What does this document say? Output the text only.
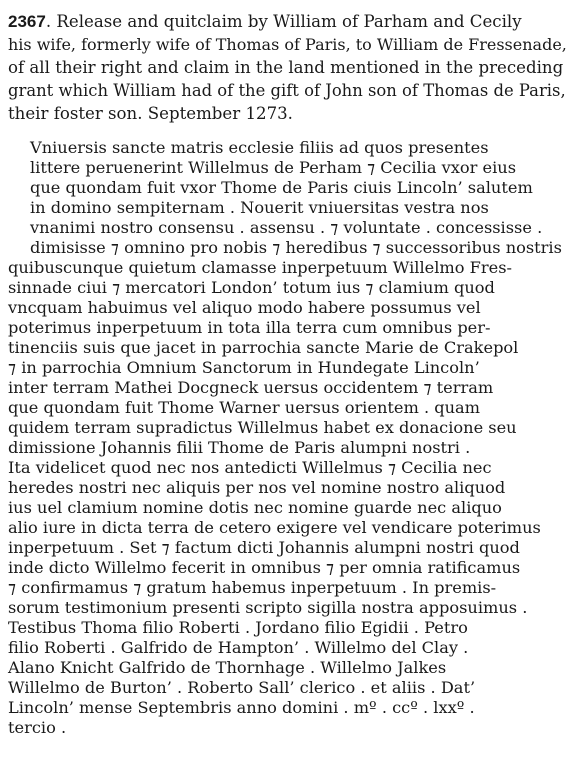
2367. Release and quitclaim by William of Parham and Cecily
his wife, formerly wife of Thomas of Paris, to William de Fressenade,
of all their right and claim in the land mentioned in the preceding
grant which William had of the gift of John son of Thomas de Paris,
their foster son. September 1273.
Vniuersis sancte matris ecclesie filiis ad quos presentes
littere peruenerint Willelmus de Perham ⁊ Cecilia vxor eius
que quondam fuit vxor Thome de Paris ciuis Lincoln’ salutem
in domino sempiternam . Nouerit vniuersitas vestra nos
vnanimi nostro consensu . assensu . ⁊ voluntate . concessisse .
dimisisse ⁊ omnino pro nobis ⁊ heredibus ⁊ successoribus nostris
quibuscunque quietum clamasse inperpetuum Willelmo Fres-
sinnade ciui ⁊ mercatori London’ totum ius ⁊ clamium quod
vncquam habuimus vel aliquo modo habere possumus vel
poterimus inperpetuum in tota illa terra cum omnibus per-
tinenciis suis que jacet in parrochia sancte Marie de Crakepol
⁊ in parrochia Omnium Sanctorum in Hundegate Lincoln’
inter terram Mathei Docgneck uersus occidentem ⁊ terram
que quondam fuit Thome Warner uersus orientem . quam
quidem terram supradictus Willelmus habet ex donacione seu
dimissione Johannis filii Thome de Paris alumpni nostri .
Ita videlicet quod nec nos antedicti Willelmus ⁊ Cecilia nec
heredes nostri nec aliquis per nos vel nomine nostro aliquod
ius uel clamium nomine dotis nec nomine guarde nec aliquo
alio iure in dicta terra de cetero exigere vel vendicare poterimus
inperpetuum . Set ⁊ factum dicti Johannis alumpni nostri quod
inde dicto Willelmo fecerit in omnibus ⁊ per omnia ratificamus
⁊ confirmamus ⁊ gratum habemus inperpetuum . In premis-
sorum testimonium presenti scripto sigilla nostra apposuimus .
Testibus Thoma filio Roberti . Jordano filio Egidii . Petro
filio Roberti . Galfrido de Hampton’ . Willelmo del Clay .
Alano Knicht Galfrido de Thornhage . Willelmo Jalkes
Willelmo de Burton’ . Roberto Sall’ clerico . et aliis . Dat’
Lincoln’ mense Septembris anno domini . mº . ccº . lxxº .
tercio .
